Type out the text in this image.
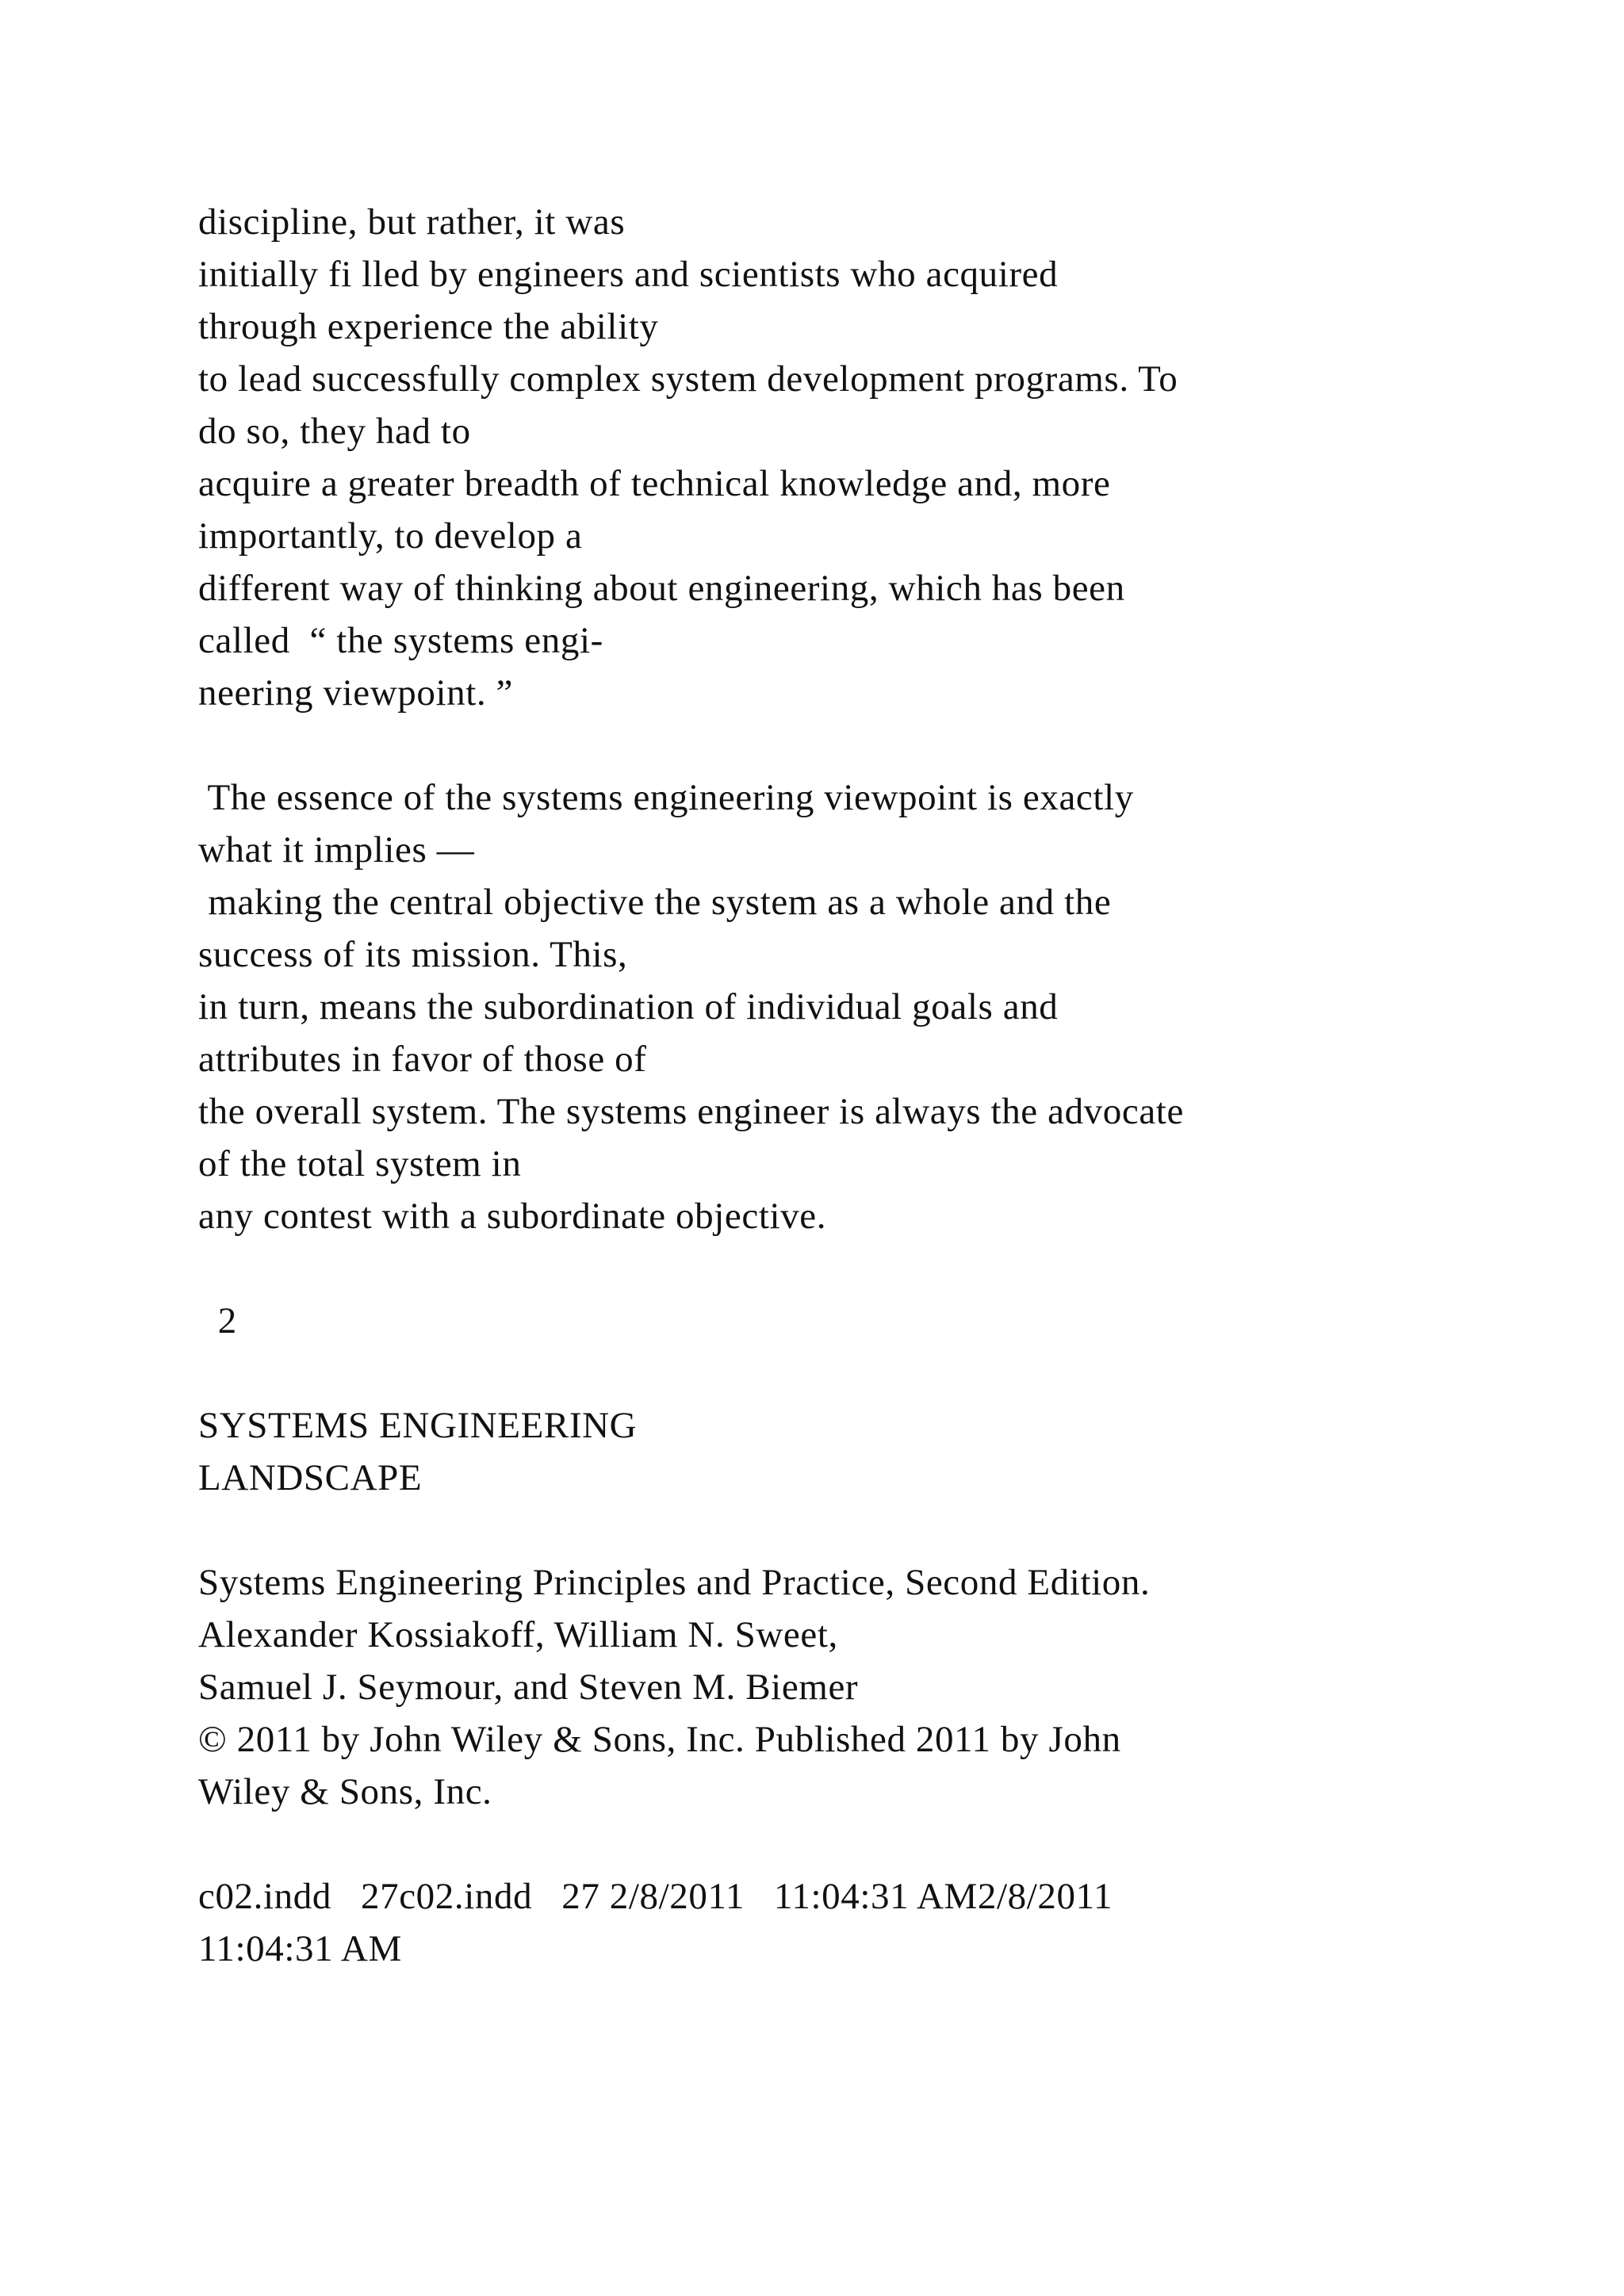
discipline, but rather, it was
initially fi lled by engineers and scientists who acquired
through experience the ability
to lead successfully complex system development programs. To
do so, they had to
acquire a greater breadth of technical knowledge and, more
importantly, to develop a
different way of thinking about engineering, which has been
called  “ the systems engi-
neering viewpoint. ”
The essence of the systems engineering viewpoint is exactly
what it implies —
making the central objective the system as a whole and the
success of its mission. This,
in turn, means the subordination of individual goals and
attributes in favor of those of
the overall system. The systems engineer is always the advocate
of the total system in
any contest with a subordinate objective.
2
SYSTEMS ENGINEERING
LANDSCAPE
Systems Engineering Principles and Practice, Second Edition.
Alexander Kossiakoff, William N. Sweet,
Samuel J. Seymour, and Steven M. Biemer
© 2011 by John Wiley & Sons, Inc. Published 2011 by John
Wiley & Sons, Inc.
c02.indd   27c02.indd   27 2/8/2011   11:04:31 AM2/8/2011
11:04:31 AM
